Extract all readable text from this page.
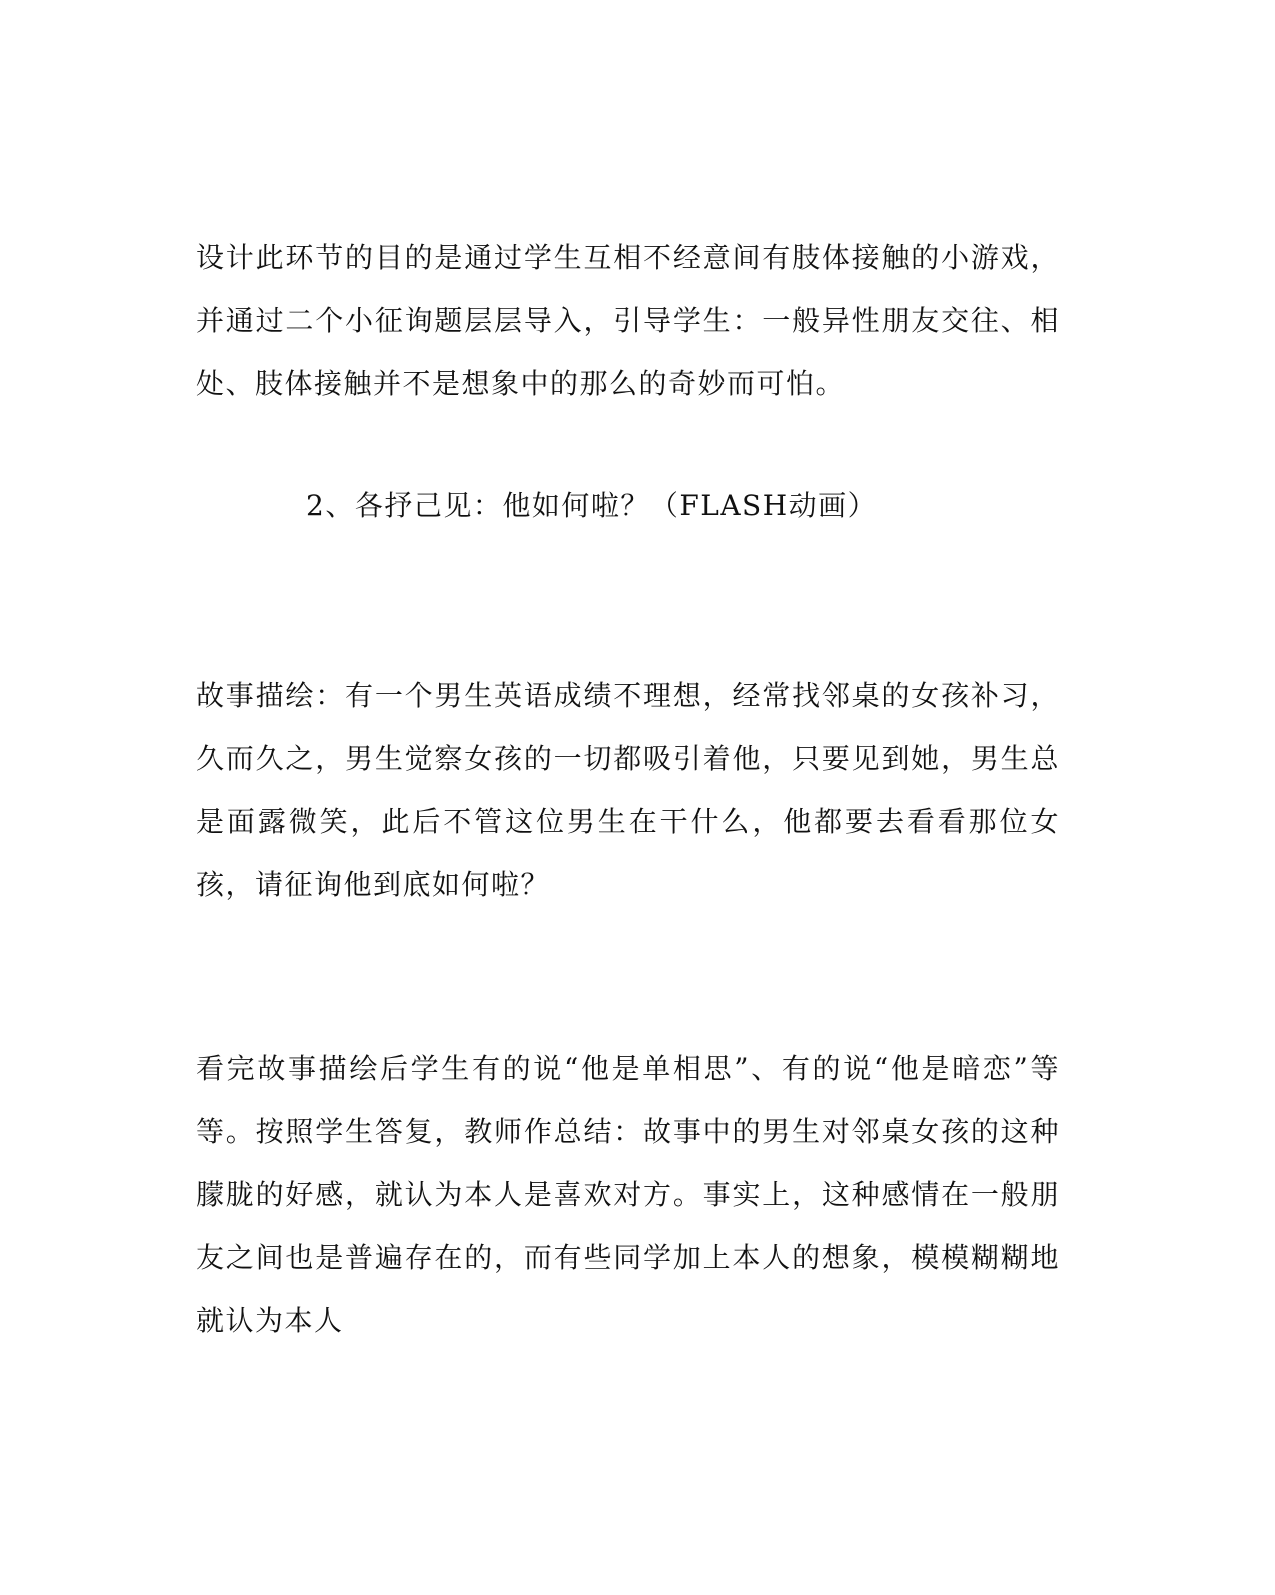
设计此环节的目的是通过学生互相不经意间有肢体接触的小游戏，并通过二个小征询题层层导入，引导学生：一般异性朋友交往、相处、肢体接触并不是想象中的那么的奇妙而可怕。

2、各抒己见：他如何啦？（FLASH动画）

故事描绘：有一个男生英语成绩不理想，经常找邻桌的女孩补习，久而久之，男生觉察女孩的一切都吸引着他，只要见到她，男生总是面露微笑，此后不管这位男生在干什么，他都要去看看那位女孩，请征询他到底如何啦？

看完故事描绘后学生有的说“他是单相思”、有的说“他是暗恋”等等。按照学生答复，教师作总结：故事中的男生对邻桌女孩的这种朦胧的好感，就认为本人是喜欢对方。事实上，这种感情在一般朋友之间也是普遍存在的，而有些同学加上本人的想象，模模糊糊地就认为本人
